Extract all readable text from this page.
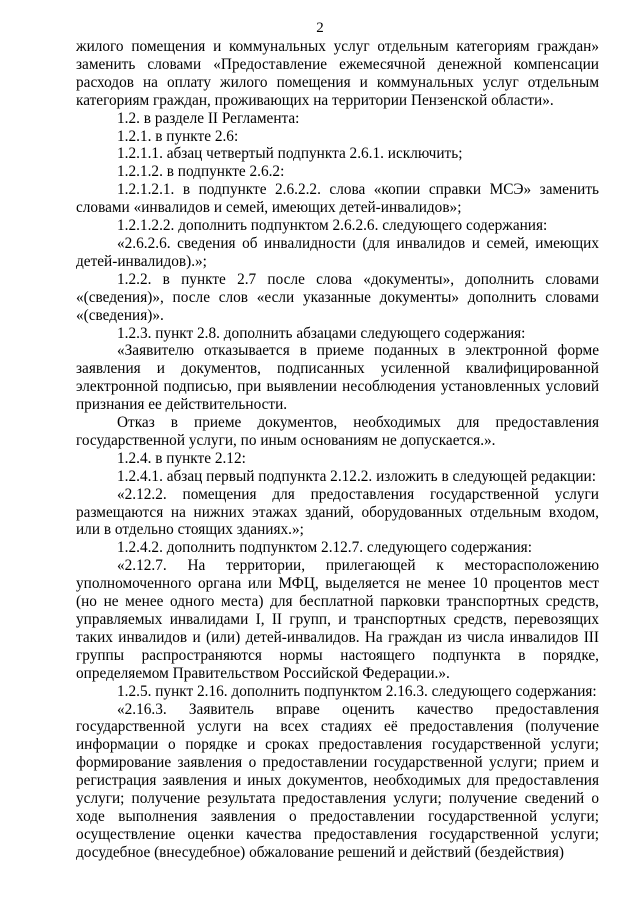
2

жилого помещения и коммунальных услуг отдельным категориям граждан» заменить словами «Предоставление ежемесячной денежной компенсации расходов на оплату жилого помещения и коммунальных услуг отдельным категориям граждан, проживающих на территории Пензенской области».

1.2. в разделе II Регламента:

1.2.1. в пункте 2.6:

1.2.1.1. абзац четвертый подпункта 2.6.1. исключить;

1.2.1.2. в подпункте 2.6.2:

1.2.1.2.1. в подпункте 2.6.2.2. слова «копии справки МСЭ» заменить словами «инвалидов и семей, имеющих детей-инвалидов»;

1.2.1.2.2. дополнить подпунктом 2.6.2.6. следующего содержания:

«2.6.2.6. сведения об инвалидности (для инвалидов и семей, имеющих детей-инвалидов).»;

1.2.2. в пункте 2.7 после слова «документы», дополнить словами «(сведения)», после слов «если указанные документы» дополнить словами «(сведения)».

1.2.3. пункт 2.8. дополнить абзацами следующего содержания:

«Заявителю отказывается в приеме поданных в электронной форме заявления и документов, подписанных усиленной квалифицированной электронной подписью, при выявлении несоблюдения установленных условий признания ее действительности.

Отказ в приеме документов, необходимых для предоставления государственной услуги, по иным основаниям не допускается.».

1.2.4. в пункте 2.12:

1.2.4.1. абзац первый подпункта 2.12.2. изложить в следующей редакции:

«2.12.2. помещения для предоставления государственной услуги размещаются на нижних этажах зданий, оборудованных отдельным входом, или в отдельно стоящих зданиях.»;

1.2.4.2. дополнить подпунктом 2.12.7. следующего содержания:

«2.12.7. На территории, прилегающей к месторасположению уполномоченного органа или МФЦ, выделяется не менее 10 процентов мест (но не менее одного места) для бесплатной парковки транспортных средств, управляемых инвалидами I, II групп, и транспортных средств, перевозящих таких инвалидов и (или) детей-инвалидов. На граждан из числа инвалидов III группы распространяются нормы настоящего подпункта в порядке, определяемом Правительством Российской Федерации.».

1.2.5. пункт 2.16. дополнить подпунктом 2.16.3. следующего содержания:

«2.16.3. Заявитель вправе оценить качество предоставления государственной услуги на всех стадиях её предоставления (получение информации о порядке и сроках предоставления государственной услуги; формирование заявления о предоставлении государственной услуги; прием и регистрация заявления и иных документов, необходимых для предоставления услуги; получение результата предоставления услуги; получение сведений о ходе выполнения заявления о предоставлении государственной услуги; осуществление оценки качества предоставления государственной услуги; досудебное (внесудебное) обжалование решений и действий (бездействия)
